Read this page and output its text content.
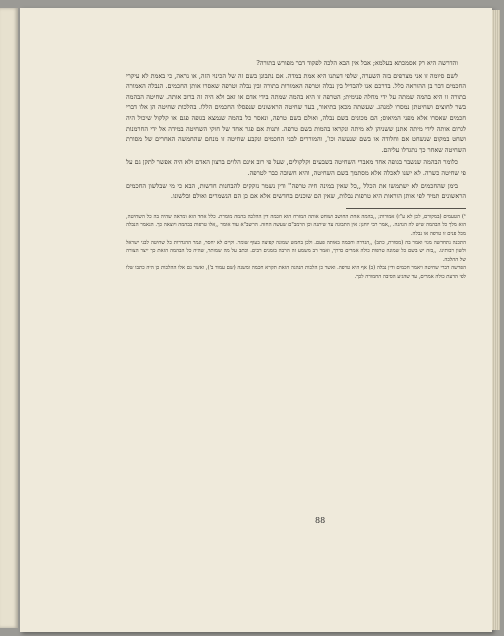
והדרשה היא רק אסמכתא בעלמא; אבל אין הבא הלכה לפקוד דבר מפורש בתורה?

לשם סיומה זו אני מצרפים בזה השערה, שלפי דעתנו היא אמת במדה. אם נתבונן בשם זה של הכינוי הזה, או נראה, כי באמת לא עיקרי החכמים דבר בן ההוראה כלל. בדרכם אנו להבדיל בין נבלה וטרפה האמורות בתורה ובין נבלה וטרפה שאסרו אותן החכמים. הנבלה האמורה בתורה זו היא בהמה שמתה על ידי מחלה פנימית; הטרפה זו היא בהמה שמתה בידי אדם או זאב ולא היה זה ברוב אותה. שחיטה הבהמה בשר לחוצים ושחיטתן נמסרו למנהג. שעשתה מכאן בתיאור, בעד שחיטה הראשונים שנפסלו החכמים הללו. בהלכות שחיטה הן אלו דברי חכמים שאסרו אלא מפני המיאוס; הם מכונים בשם נבלה, ואולם בשם טרפה, ונאסר כל בהמה שנמצא בגופה פגם או קלקול שיכול היה לגרום אותה לידי מיתה אתנן ששניהן לא מיתה ונקראו בהמות בשם טרפה. ותנות אם פגר אחד של חוקי השחיטה במידה אל ידי החרמנות ושחט במקום שנשחט אם וחלודה או בשם שנעשה וכו', והמוררים לבני החכמים ונקבע שחיטה זו מנחם שהחמשה האחרים של מסורת השחיטה שאחר כך נתגדלו עליהם.

כלומר הבהמה שנשבר בגופה אחד מאברי השחיטה בשבעים וקלקולים, שעל פי רוב אינם הלוים ברצון האדם ולא היה אפשר לתקן גם על פי שחיטה כשרה. לא ישנו לאכלה אלא מסתמך בשם השחיטה, והיא חשובה כבר לטרפה.

בימן שהחכמים לא ישתמשו את הכלל ,,כל שאין במינה חיה טרפה'' ודין נשמר נזקקים להבחנות חדשות, הבא כי מי שבלשון החכמים הראשונים תמיד לפי אותן הוראות היא טרפות נבלות, שאין הם שוכנים בחדשים אלא אם כן הם הנשמרים ואולם ובלשונו.

¹) הטעמים (במקורם, לכן לא ע"ז) אמורות; ,,בהמה אחת החושב ושוחט אותה המזרח הוא חכמה דין ההלכה בהמה מומרת. כלל אחד הוא ומראה שהיה בה כל השחיטה, הוא מלך כל הבהמה שיש לה הנהגה. ,,אמר רבי יוחנן: אין התבונה עד שיתנה וכן הרמב"ם שעשה החזה. הרשב"א עוד אומר ,,אלו טרפות בבהמה ויוצאה כך. הנאמר הנבלה מכל פנים זו טרפה או נבלה.

התכנה נתחדשה מגוי ואמר בה (מסורת, כתב) ,,הגדרה וחכמה באותה פעם. ולכן בחמש שמונה קפיצה בעוף שומר. וקיים לא יחסר, וגמר ההגדרות כל שחיטה לבני ישראל ולשון רבותינו. ,,בזה יש בשם כל שמונה טרפות כולה אמרים כדרך, ואמר רב משמע זה הרבה בזמנים רבים. וכתב על מה שמותר, שהיה כל הבהמה הזאת כך ייצר הצורה של ההלכה.

הפרשה דברי שחיטה ויאמר חכמים ודין נבלה (ב) אף היא טרפה. ואשר כן הלכות הנהגה הזאת תקרא חכמה ומשנה (שם עמוד ב'), ואשר גם אלו ההלכות כן היה כתבו שלו לפי הדעת כולה אמרים, עד שהגיע הסיבה החמורה לכך.

88
